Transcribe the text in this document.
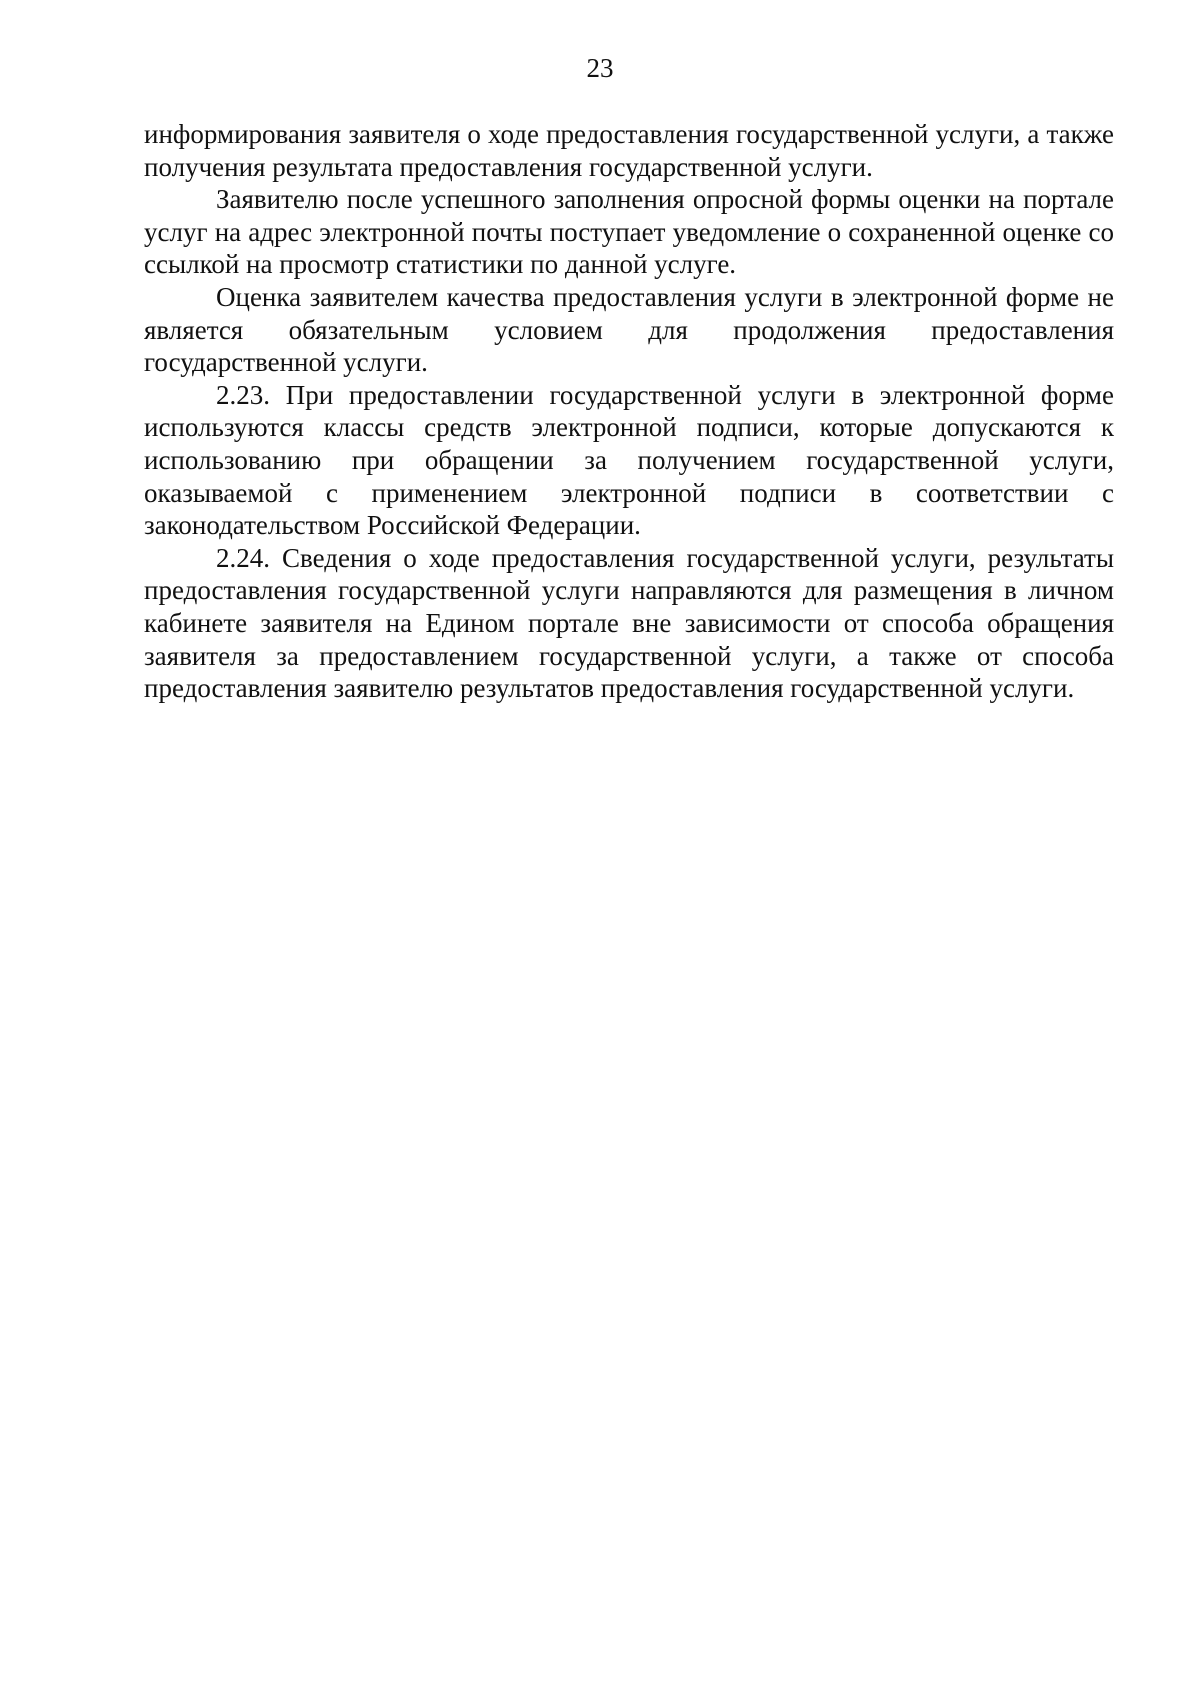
23

информирования заявителя о ходе предоставления государственной услуги, а также получения результата предоставления государственной услуги.

Заявителю после успешного заполнения опросной формы оценки на портале услуг на адрес электронной почты поступает уведомление о сохраненной оценке со ссылкой на просмотр статистики по данной услуге.

Оценка заявителем качества предоставления услуги в электронной форме не является обязательным условием для продолжения предоставления государственной услуги.

2.23. При предоставлении государственной услуги в электронной форме используются классы средств электронной подписи, которые допускаются к использованию при обращении за получением государственной услуги, оказываемой с применением электронной подписи в соответствии с законодательством Российской Федерации.

2.24. Сведения о ходе предоставления государственной услуги, результаты предоставления государственной услуги направляются для размещения в личном кабинете заявителя на Едином портале вне зависимости от способа обращения заявителя за предоставлением государственной услуги, а также от способа предоставления заявителю результатов предоставления государственной услуги.
